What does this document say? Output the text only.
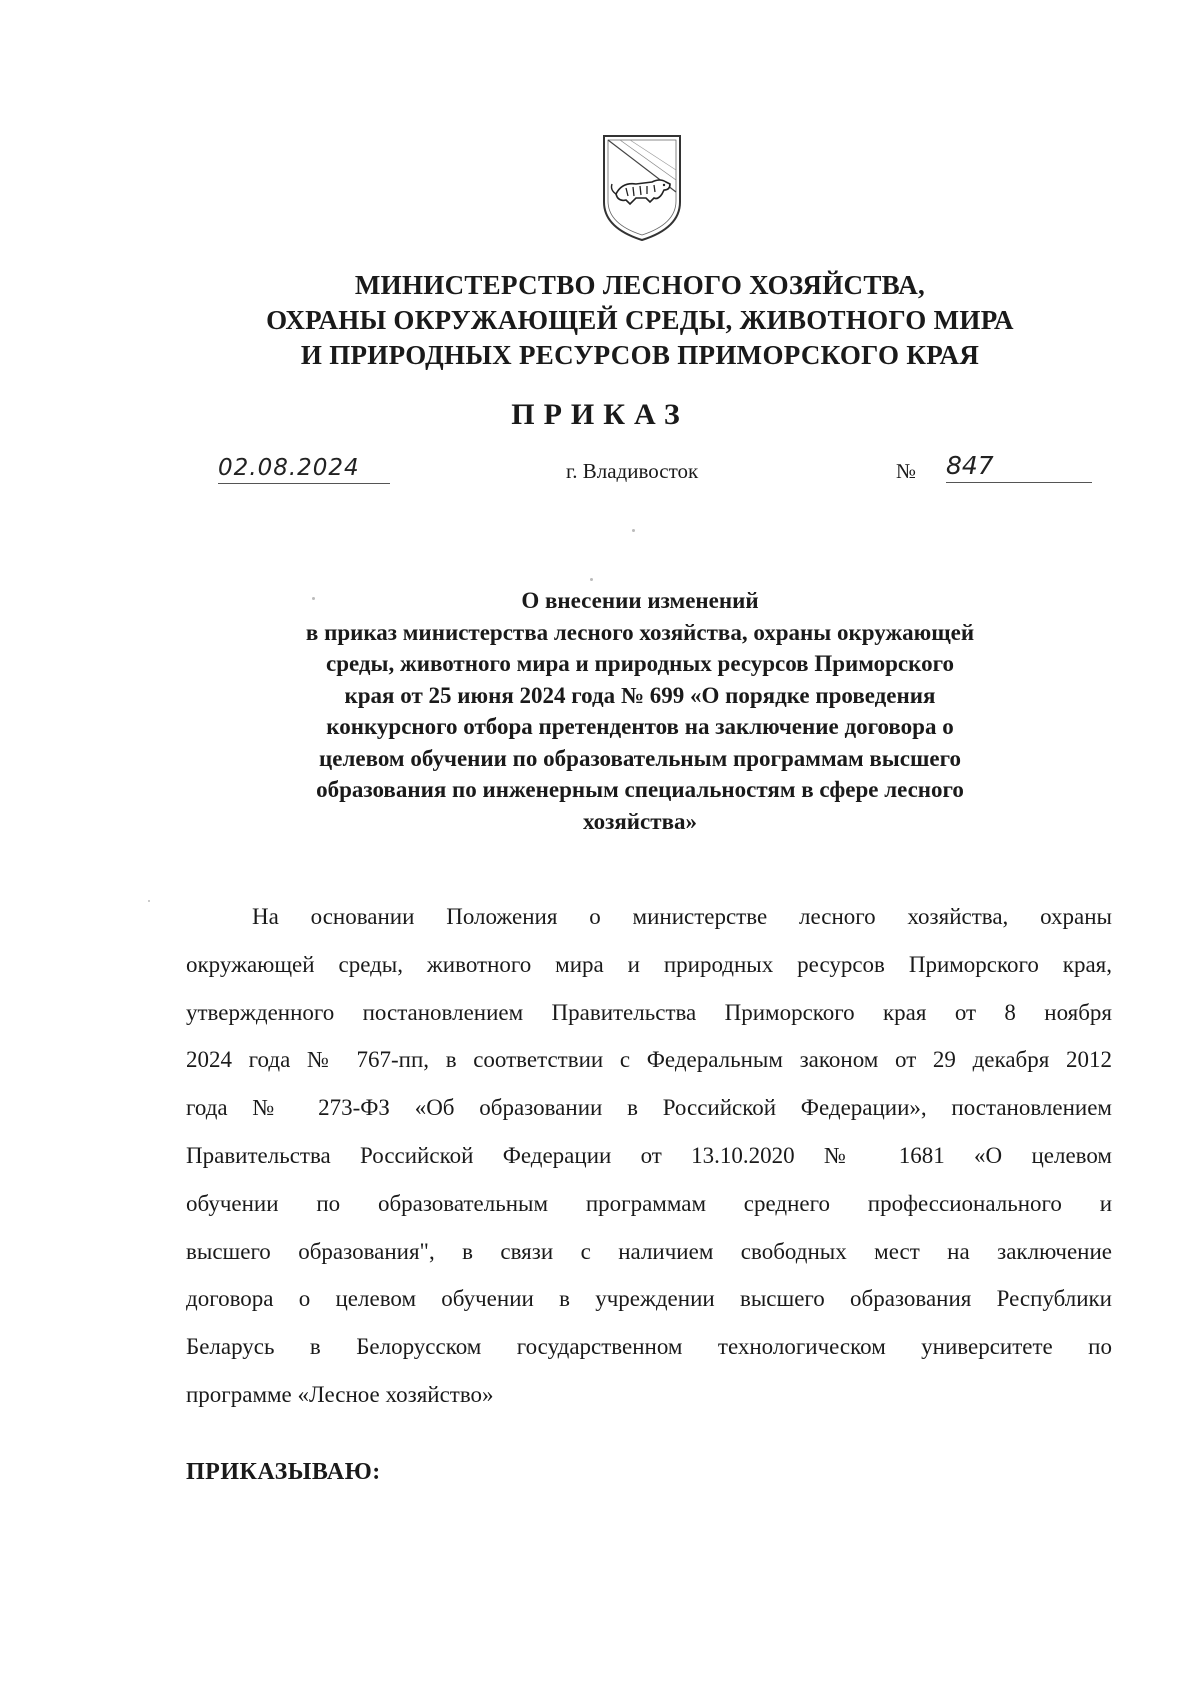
МИНИСТЕРСТВО ЛЕСНОГО ХОЗЯЙСТВА,
ОХРАНЫ ОКРУЖАЮЩЕЙ СРЕДЫ, ЖИВОТНОГО МИРА
И ПРИРОДНЫХ РЕСУРСОВ ПРИМОРСКОГО КРАЯ
ПРИКАЗ
02.08.2024	г. Владивосток	№ 847
О внесении изменений
в приказ министерства лесного хозяйства, охраны окружающей
среды, животного мира и природных ресурсов Приморского
края от 25 июня 2024 года № 699 «О порядке проведения
конкурсного отбора претендентов на заключение договора о
целевом обучении по образовательным программам высшего
образования по инженерным специальностям в сфере лесного
хозяйства»
На основании Положения о министерстве лесного хозяйства, охраны
окружающей среды, животного мира и природных ресурсов Приморского края,
утвержденного постановлением Правительства Приморского края от 8 ноября
2024 года № 767-пп, в соответствии с Федеральным законом от 29 декабря 2012
года № 273-ФЗ «Об образовании в Российской Федерации», постановлением
Правительства Российской Федерации от 13.10.2020 № 1681 «О целевом
обучении по образовательным программам среднего профессионального и
высшего образования", в связи с наличием свободных мест на заключение
договора о целевом обучении в учреждении высшего образования Республики
Беларусь в Белорусском государственном технологическом университете по
программе «Лесное хозяйство»
ПРИКАЗЫВАЮ:
